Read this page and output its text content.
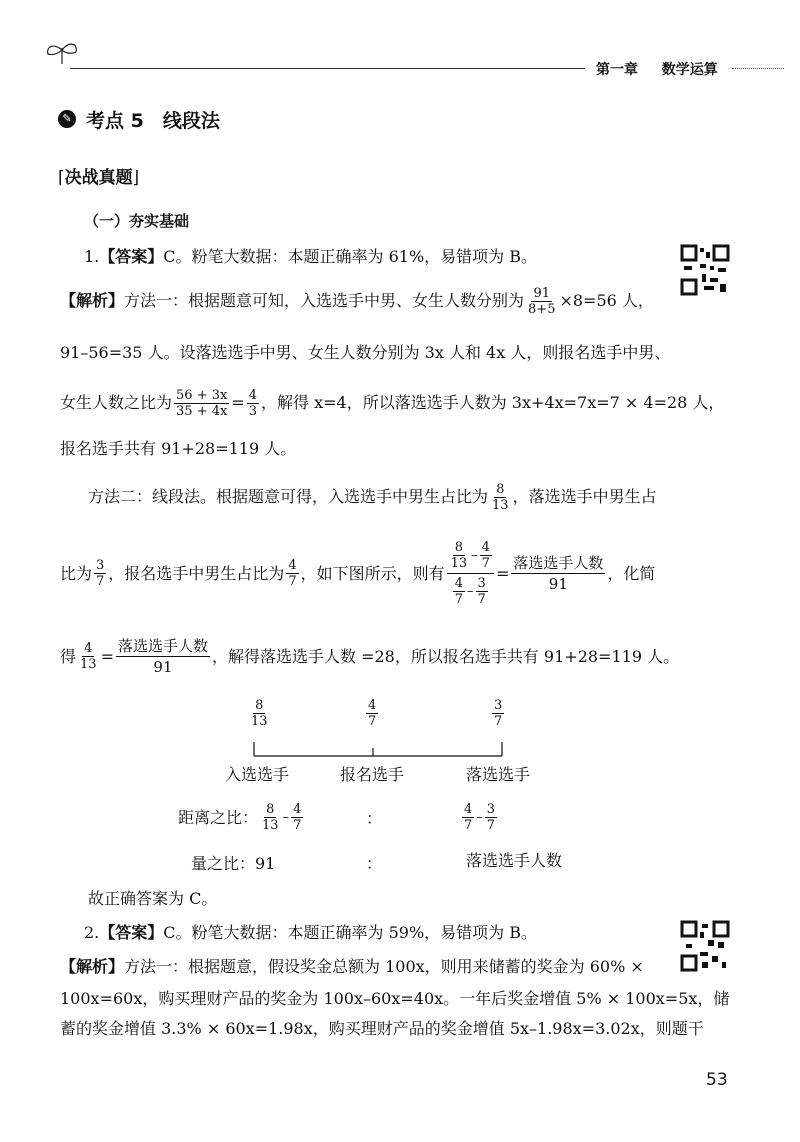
第一章 数学运算
✎ 考点 5　线段法
⌈决战真题⌋
（一）夯实基础
1.【答案】C。粉笔大数据：本题正确率为 61%，易错项为 B。
【解析】方法一：根据题意可知，入选选手中男、女生人数分别为 $\frac{91}{8+5} \times 8=56$ 人，
91–56=35 人。设落选选手中男、女生人数分别为 3x 人和 4x 人，则报名选手中男、
女生人数之比为 $\frac{56 + 3x}{35 + 4x} = \frac{4}{3}$ ，解得 x=4，所以落选选手人数为 3x+4x=7x=7 × 4=28 人，
报名选手共有 91+28=119 人。
方法二：线段法。根据题意可得，入选选手中男生占比为 $\frac{8}{13}$ ，落选选手中男生占
比为 $\frac{3}{7}$ ，报名选手中男生占比为 $\frac{4}{7}$ ，如下图所示，则有 $\frac{\frac{8}{13} - \frac{4}{7}}{\frac{4}{7} - \frac{3}{7}} = \frac{\text{落选选手人数}}{91}$ ，化简
得 $\frac{4}{13} = \frac{\text{落选选手人数}}{91}$ ，解得落选选手人数 =28，所以报名选手共有 91+28=119 人。
$\frac{8}{13}$	$\frac{4}{7}$	$\frac{3}{7}$
入选选手	报名选手	落选选手
距离之比： $\frac{8}{13} - \frac{4}{7}$	：	$\frac{4}{7} - \frac{3}{7}$
量之比：91	：	落选选手人数
故正确答案为 C。
2.【答案】C。粉笔大数据：本题正确率为 59%，易错项为 B。
【解析】方法一：根据题意，假设奖金总额为 100x，则用来储蓄的奖金为 60% ×
100x=60x，购买理财产品的奖金为 100x–60x=40x。一年后奖金增值 5% × 100x=5x，储
蓄的奖金增值 3.3% × 60x=1.98x，购买理财产品的奖金增值 5x–1.98x=3.02x，则题干
53
